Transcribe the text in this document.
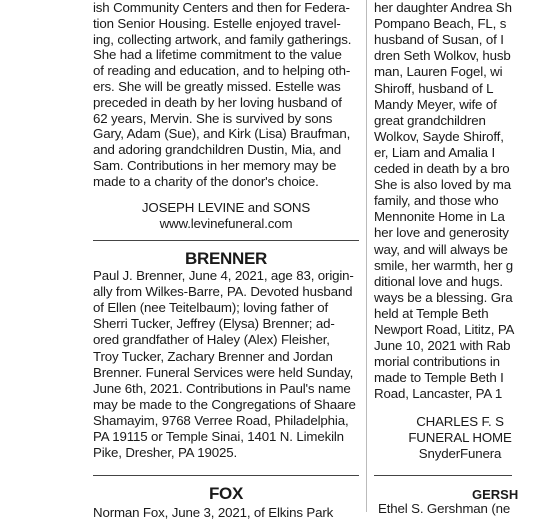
ish Community Centers and then for Federa-
tion Senior Housing. Estelle enjoyed travel-
ing, collecting artwork, and family gatherings.
She had a lifetime commitment to the value
of reading and education, and to helping oth-
ers. She will be greatly missed. Estelle was
preceded in death by her loving husband of
62 years, Mervin. She is survived by sons
Gary, Adam (Sue), and Kirk (Lisa) Braufman,
and adoring grandchildren Dustin, Mia, and
Sam. Contributions in her memory may be
made to a charity of the donor's choice.
JOSEPH LEVINE and SONS
www.levinefuneral.com
BRENNER
Paul J. Brenner, June 4, 2021, age 83, origin-
ally from Wilkes-Barre, PA. Devoted husband
of Ellen (nee Teitelbaum); loving father of
Sherri Tucker, Jeffrey (Elysa) Brenner; ad-
ored grandfather of Haley (Alex) Fleisher,
Troy Tucker, Zachary Brenner and Jordan
Brenner. Funeral Services were held Sunday,
June 6th, 2021. Contributions in Paul's name
may be made to the Congregations of Shaare
Shamayim, 9768 Verree Road, Philadelphia,
PA 19115 or Temple Sinai, 1401 N. Limekiln
Pike, Dresher, PA 19025.
FOX
Norman Fox, June 3, 2021, of Elkins Park
her daughter Andrea Sh
Pompano Beach, FL, s
husband of Susan, of I
dren Seth Wolkov, husb
man, Lauren Fogel, wi
Shiroff, husband of L
Mandy Meyer, wife of
great grandchildren
Wolkov, Sayde Shiroff,
er, Liam and Amalia I
ceded in death by a bro
She is also loved by ma
family, and those who
Mennonite Home in La
her love and generosity
way, and will always be
smile, her warmth, her g
ditional love and hugs.
ways be a blessing. Gra
held at Temple Beth
Newport Road, Lititz, PA
June 10, 2021 with Rab
morial contributions in
made to Temple Beth I
Road, Lancaster, PA 1
CHARLES F. S
FUNERAL HOME
SnyderFunera
GERSH
Ethel S. Gershman (ne
